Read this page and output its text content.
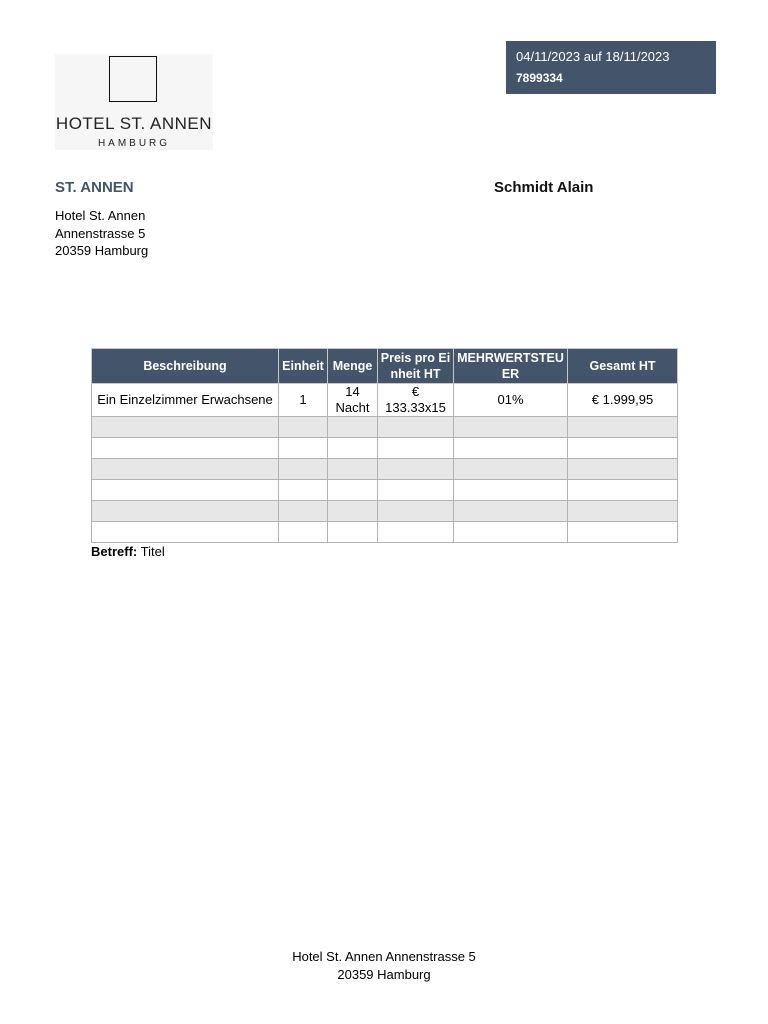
HOTEL ST. ANNEN
HAMBURG
04/11/2023 auf 18/11/2023
7899334
ST. ANNEN
Hotel St. Annen
Annenstrasse 5
20359 Hamburg
Schmidt Alain
Beschreibung	Einheit	Menge	Preis pro Einheit HT	MEHRWERTSTEUER	Gesamt HT
Ein Einzelzimmer Erwachsene	1	14 Nacht	€ 133.33x15	01%	€ 1.999,95

Betreff: Titel
Hotel St. Annen Annenstrasse 5
20359 Hamburg
